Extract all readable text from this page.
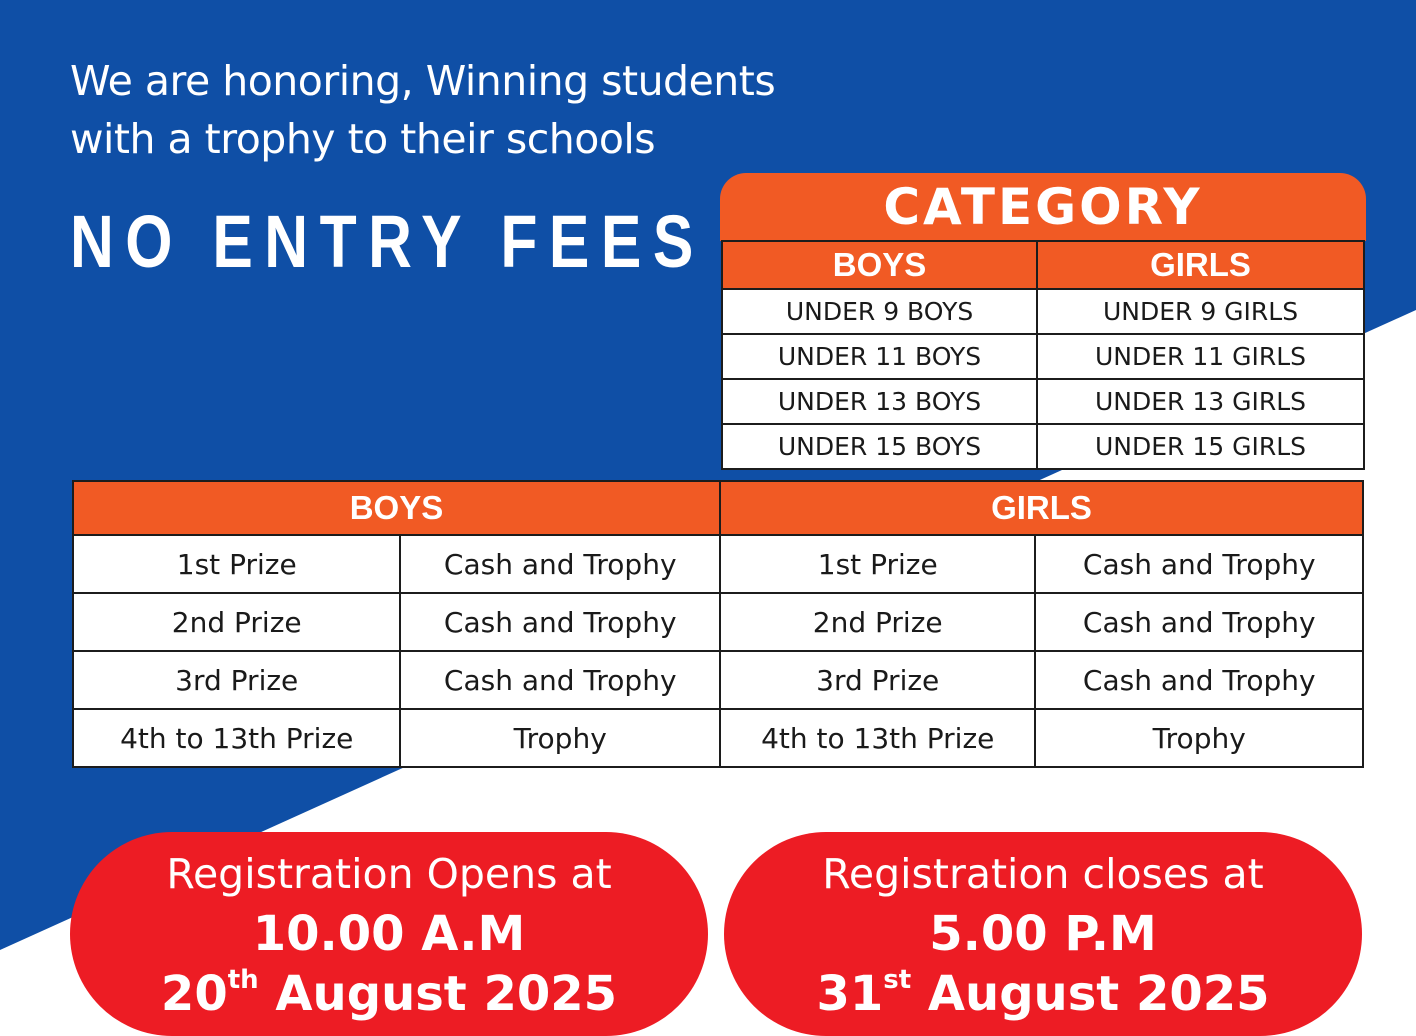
We are honoring, Winning students
with a trophy to their schools
NO ENTRY FEES	CATEGORY
BOYS	GIRLS
UNDER 9 BOYS	UNDER 9 GIRLS
UNDER 11 BOYS	UNDER 11 GIRLS
UNDER 13 BOYS	UNDER 13 GIRLS
UNDER 15 BOYS	UNDER 15 GIRLS
BOYS		GIRLS	
1st Prize	Cash and Trophy	1st Prize	Cash and Trophy
2nd Prize	Cash and Trophy	2nd Prize	Cash and Trophy
3rd Prize	Cash and Trophy	3rd Prize	Cash and Trophy
4th to 13th Prize	Trophy	4th to 13th Prize	Trophy
Registration Opens at
10.00 A.M
20th August 2025
Registration closes at
5.00 P.M
31st August 2025
